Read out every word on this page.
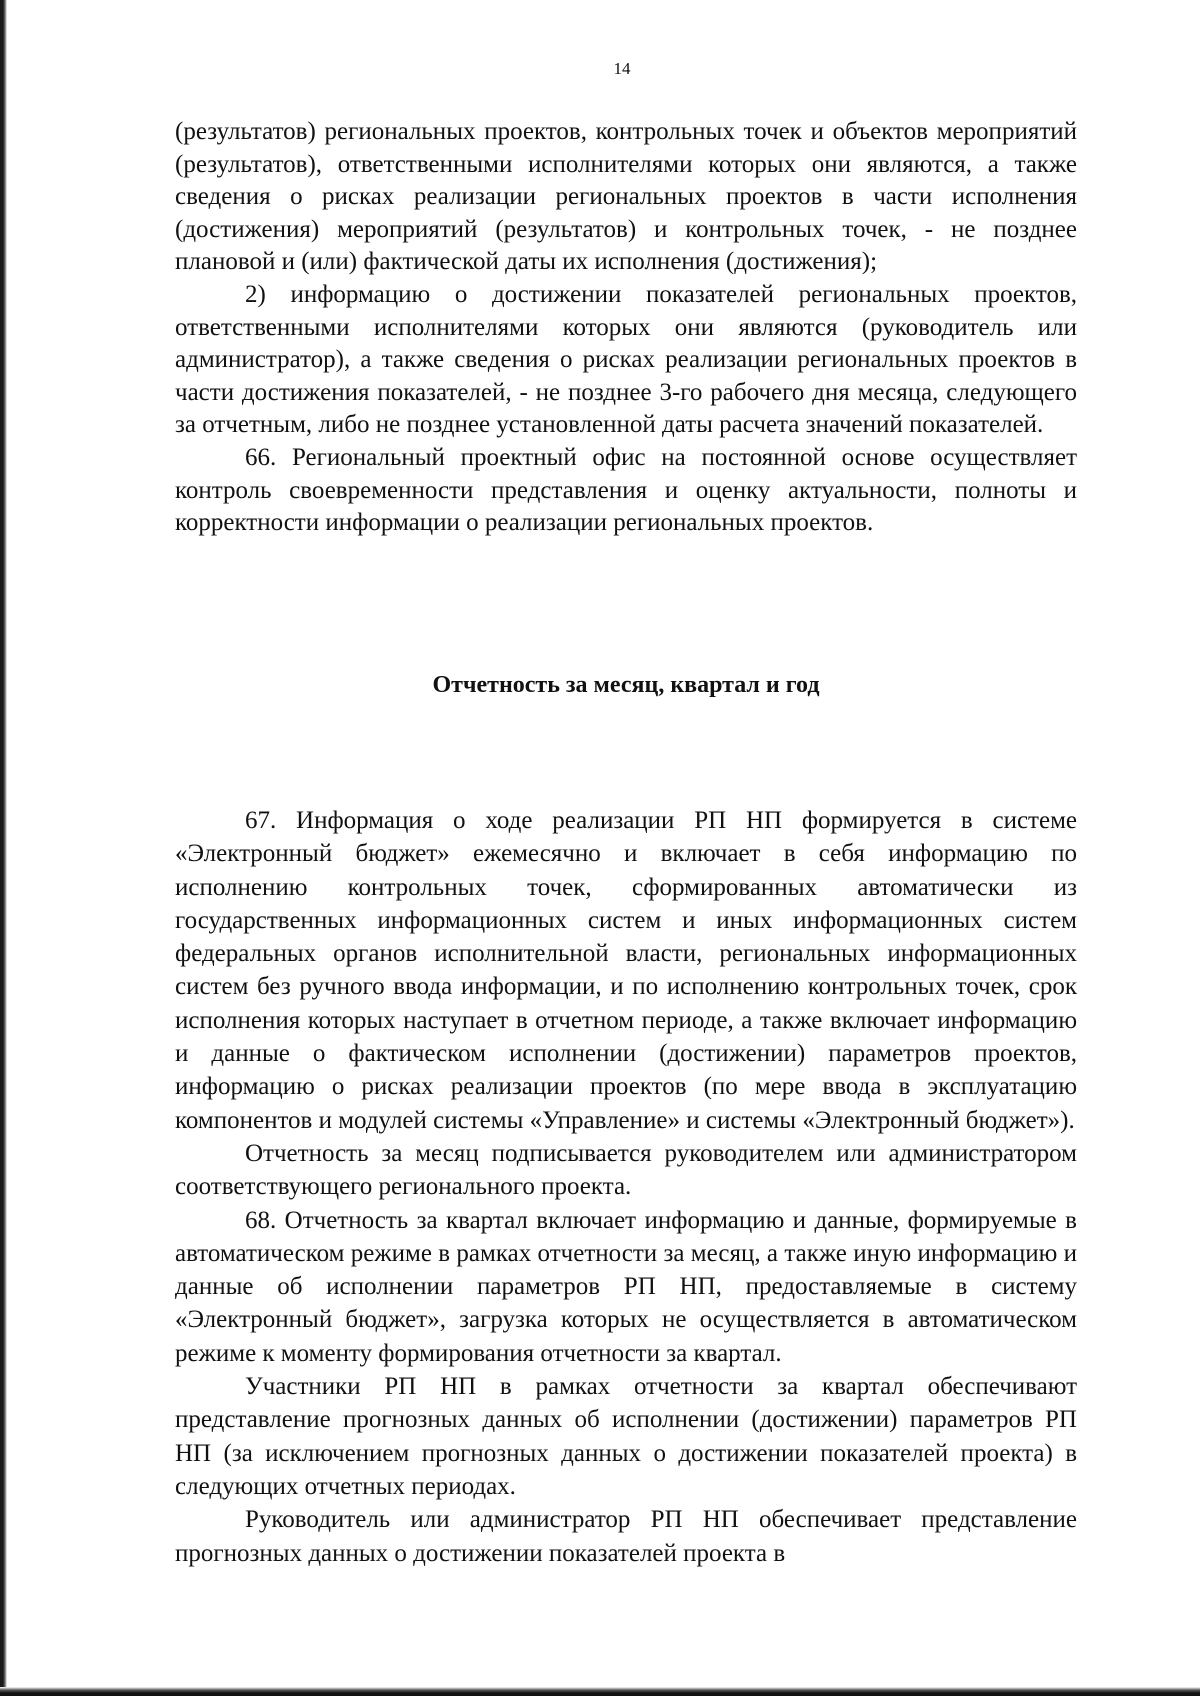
14
Отчетность за месяц, квартал и год

(результатов) региональных проектов, контрольных точек и объектов мероприятий (результатов), ответственными исполнителями которых они являются, а также сведения о рисках реализации региональных проектов в части исполнения (достижения) мероприятий (результатов) и контрольных точек, - не позднее плановой и (или) фактической даты их исполнения (достижения);

2) информацию о достижении показателей региональных проектов, ответственными исполнителями которых они являются (руководитель или администратор), а также сведения о рисках реализации региональных проектов в части достижения показателей, - не позднее 3-го рабочего дня месяца, следующего за отчетным, либо не позднее установленной даты расчета значений показателей.

66. Региональный проектный офис на постоянной основе осуществляет контроль своевременности представления и оценку актуальности, полноты и корректности информации о реализации региональных проектов.

67. Информация о ходе реализации РП НП формируется в системе «Электронный бюджет» ежемесячно и включает в себя информацию по исполнению контрольных точек, сформированных автоматически из государственных информационных систем и иных информационных систем федеральных органов исполнительной власти, региональных информационных систем без ручного ввода информации, и по исполнению контрольных точек, срок исполнения которых наступает в отчетном периоде, а также включает информацию и данные о фактическом исполнении (достижении) параметров проектов, информацию о рисках реализации проектов (по мере ввода в эксплуатацию компонентов и модулей системы «Управление» и системы «Электронный бюджет»).

Отчетность за месяц подписывается руководителем или администратором соответствующего регионального проекта.

68. Отчетность за квартал включает информацию и данные, формируемые в автоматическом режиме в рамках отчетности за месяц, а также иную информацию и данные об исполнении параметров РП НП, предоставляемые в систему «Электронный бюджет», загрузка которых не осуществляется в автоматическом режиме к моменту формирования отчетности за квартал.

Участники РП НП в рамках отчетности за квартал обеспечивают представление прогнозных данных об исполнении (достижении) параметров РП НП (за исключением прогнозных данных о достижении показателей проекта) в следующих отчетных периодах.

Руководитель или администратор РП НП обеспечивает представление прогнозных данных о достижении показателей проекта в
